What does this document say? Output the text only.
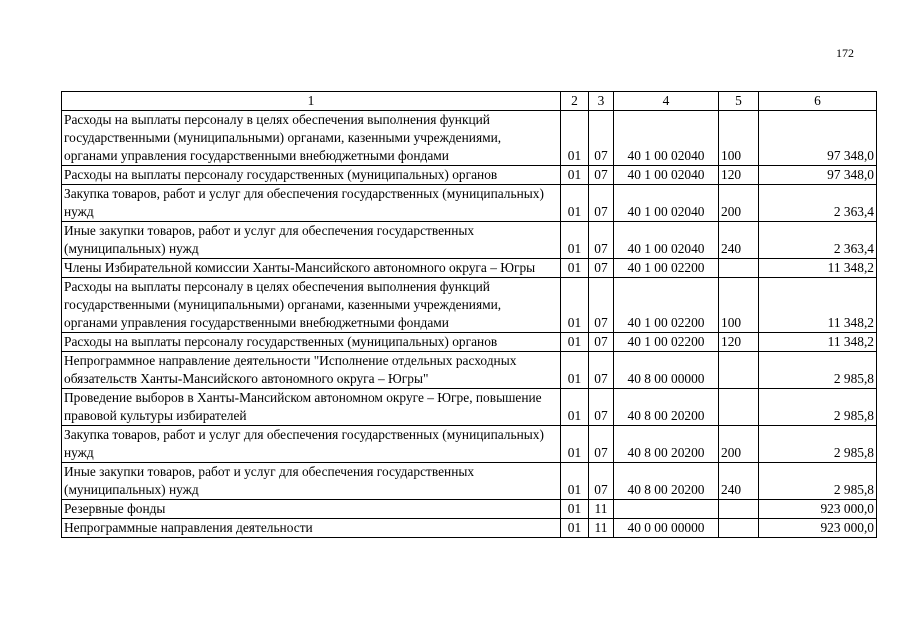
172
1	2	3	4	5	6
Расходы на выплаты персоналу в целях обеспечения выполнения функций государственными (муниципальными) органами, казенными учреждениями, органами управления государственными внебюджетными фондами	01	07	40 1 00 02040	100	97 348,0
Расходы на выплаты персоналу государственных (муниципальных) органов	01	07	40 1 00 02040	120	97 348,0
Закупка товаров, работ и услуг для обеспечения государственных (муниципальных) нужд	01	07	40 1 00 02040	200	2 363,4
Иные закупки товаров, работ и услуг для обеспечения государственных (муниципальных) нужд	01	07	40 1 00 02040	240	2 363,4
Члены Избирательной комиссии Ханты-Мансийского автономного округа – Югры	01	07	40 1 00 02200		11 348,2
Расходы на выплаты персоналу в целях обеспечения выполнения функций государственными (муниципальными) органами, казенными учреждениями, органами управления государственными внебюджетными фондами	01	07	40 1 00 02200	100	11 348,2
Расходы на выплаты персоналу государственных (муниципальных) органов	01	07	40 1 00 02200	120	11 348,2
Непрограммное направление деятельности "Исполнение отдельных расходных обязательств Ханты-Мансийского автономного округа – Югры"	01	07	40 8 00 00000		2 985,8
Проведение выборов в Ханты-Мансийском автономном округе – Югре, повышение правовой культуры избирателей	01	07	40 8 00 20200		2 985,8
Закупка товаров, работ и услуг для обеспечения государственных (муниципальных) нужд	01	07	40 8 00 20200	200	2 985,8
Иные закупки товаров, работ и услуг для обеспечения государственных (муниципальных) нужд	01	07	40 8 00 20200	240	2 985,8
Резервные фонды	01	11			923 000,0
Непрограммные направления деятельности	01	11	40 0 00 00000		923 000,0
